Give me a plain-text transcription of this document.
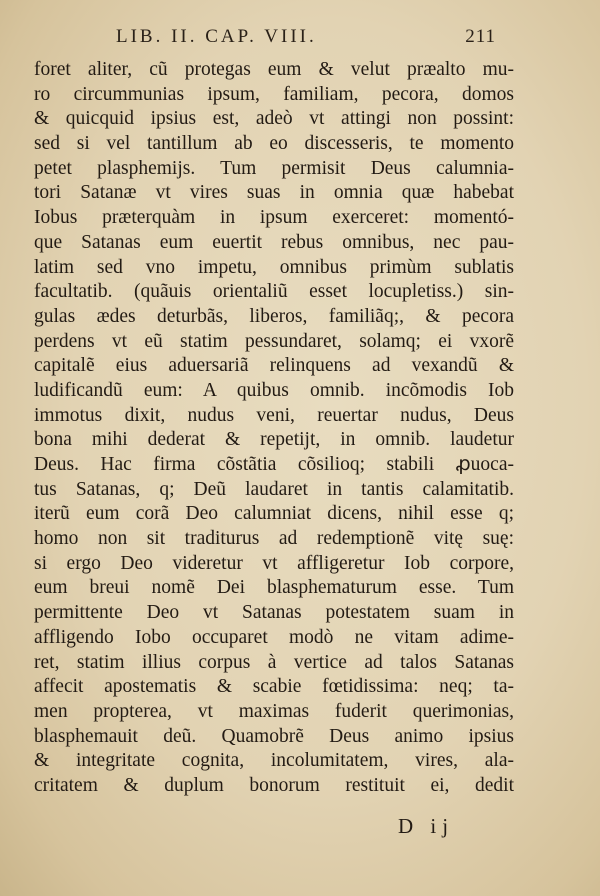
LIB. II. CAP. VIII.	211
foret aliter, cũ protegas eum & velut præalto mu-
ro circummunias ipsum, familiam, pecora, domos
& quicquid ipsius est, adeò vt attingi non possint:
sed si vel tantillum ab eo discesseris, te momento
petet plasphemijs. Tum permisit Deus calumnia-
tori Satanæ vt vires suas in omnia quæ habebat
Iobus præterquàm in ipsum exerceret: momentó-
que Satanas eum euertit rebus omnibus, nec pau-
latim sed vno impetu, omnibus primùm sublatis
facultatib. (quãuis orientaliũ esset locupletiss.) sin-
gulas ædes deturbãs, liberos, familiãq;, & pecora
perdens vt eũ statim pessundaret, solamq; ei vxorẽ
capitalẽ eius aduersariã relinquens ad vexandũ &
ludificandũ eum: A quibus omnib. incõmodis Iob
immotus dixit, nudus veni, reuertar nudus, Deus
bona mihi dederat & repetijt, in omnib. laudetur
Deus. Hac firma cõstãtia cõsilioq; stabili ꝓuoca-
tus Satanas, q; Deũ laudaret in tantis calamitatib.
iterũ eum corã Deo calumniat dicens, nihil esse q;
homo non sit traditurus ad redemptionẽ vitę suę:
si ergo Deo videretur vt affligeretur Iob corpore,
eum breui nomẽ Dei blasphematurum esse. Tum
permittente Deo vt Satanas potestatem suam in
affligendo Iobo occuparet modò ne vitam adime-
ret, statim illius corpus à vertice ad talos Satanas
affecit apostematis & scabie fœtidissima: neq; ta-
men propterea, vt maximas fuderit querimonias,
blasphemauit deũ. Quamobrẽ Deus animo ipsius
& integritate cognita, incolumitatem, vires, ala-
critatem & duplum bonorum restituit ei, dedit
D ij
